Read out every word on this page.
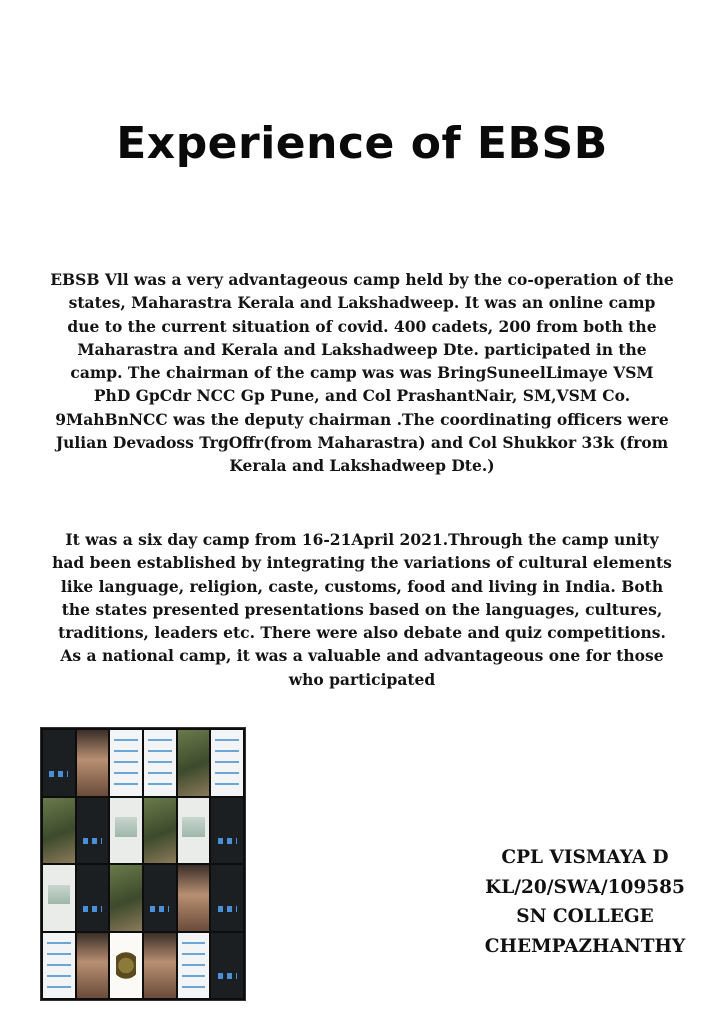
Experience of EBSB

EBSB Vll was a very advantageous camp held by the co-operation of the states, Maharastra Kerala and Lakshadweep. It was an online camp due to the current situation of covid. 400 cadets, 200 from both the Maharastra and Kerala and Lakshadweep Dte. participated in the camp. The chairman of the camp was was BringSuneelLimaye VSM PhD GpCdr NCC Gp Pune, and Col PrashantNair, SM,VSM Co. 9MahBnNCC was the deputy chairman .The coordinating officers were Julian Devadoss TrgOffr(from Maharastra) and Col Shukkor 33k (from Kerala and Lakshadweep Dte.)

It was a six day camp from 16-21April 2021.Through the camp unity had been established by integrating the variations of cultural elements like language, religion, caste, customs, food and living in India. Both the states presented presentations based on the languages, cultures, traditions, leaders etc. There were also debate and quiz competitions. As a national camp, it was a valuable and advantageous one for those who participated

CPL VISMAYA D
KL/20/SWA/109585
SN COLLEGE
CHEMPAZHANTHY
